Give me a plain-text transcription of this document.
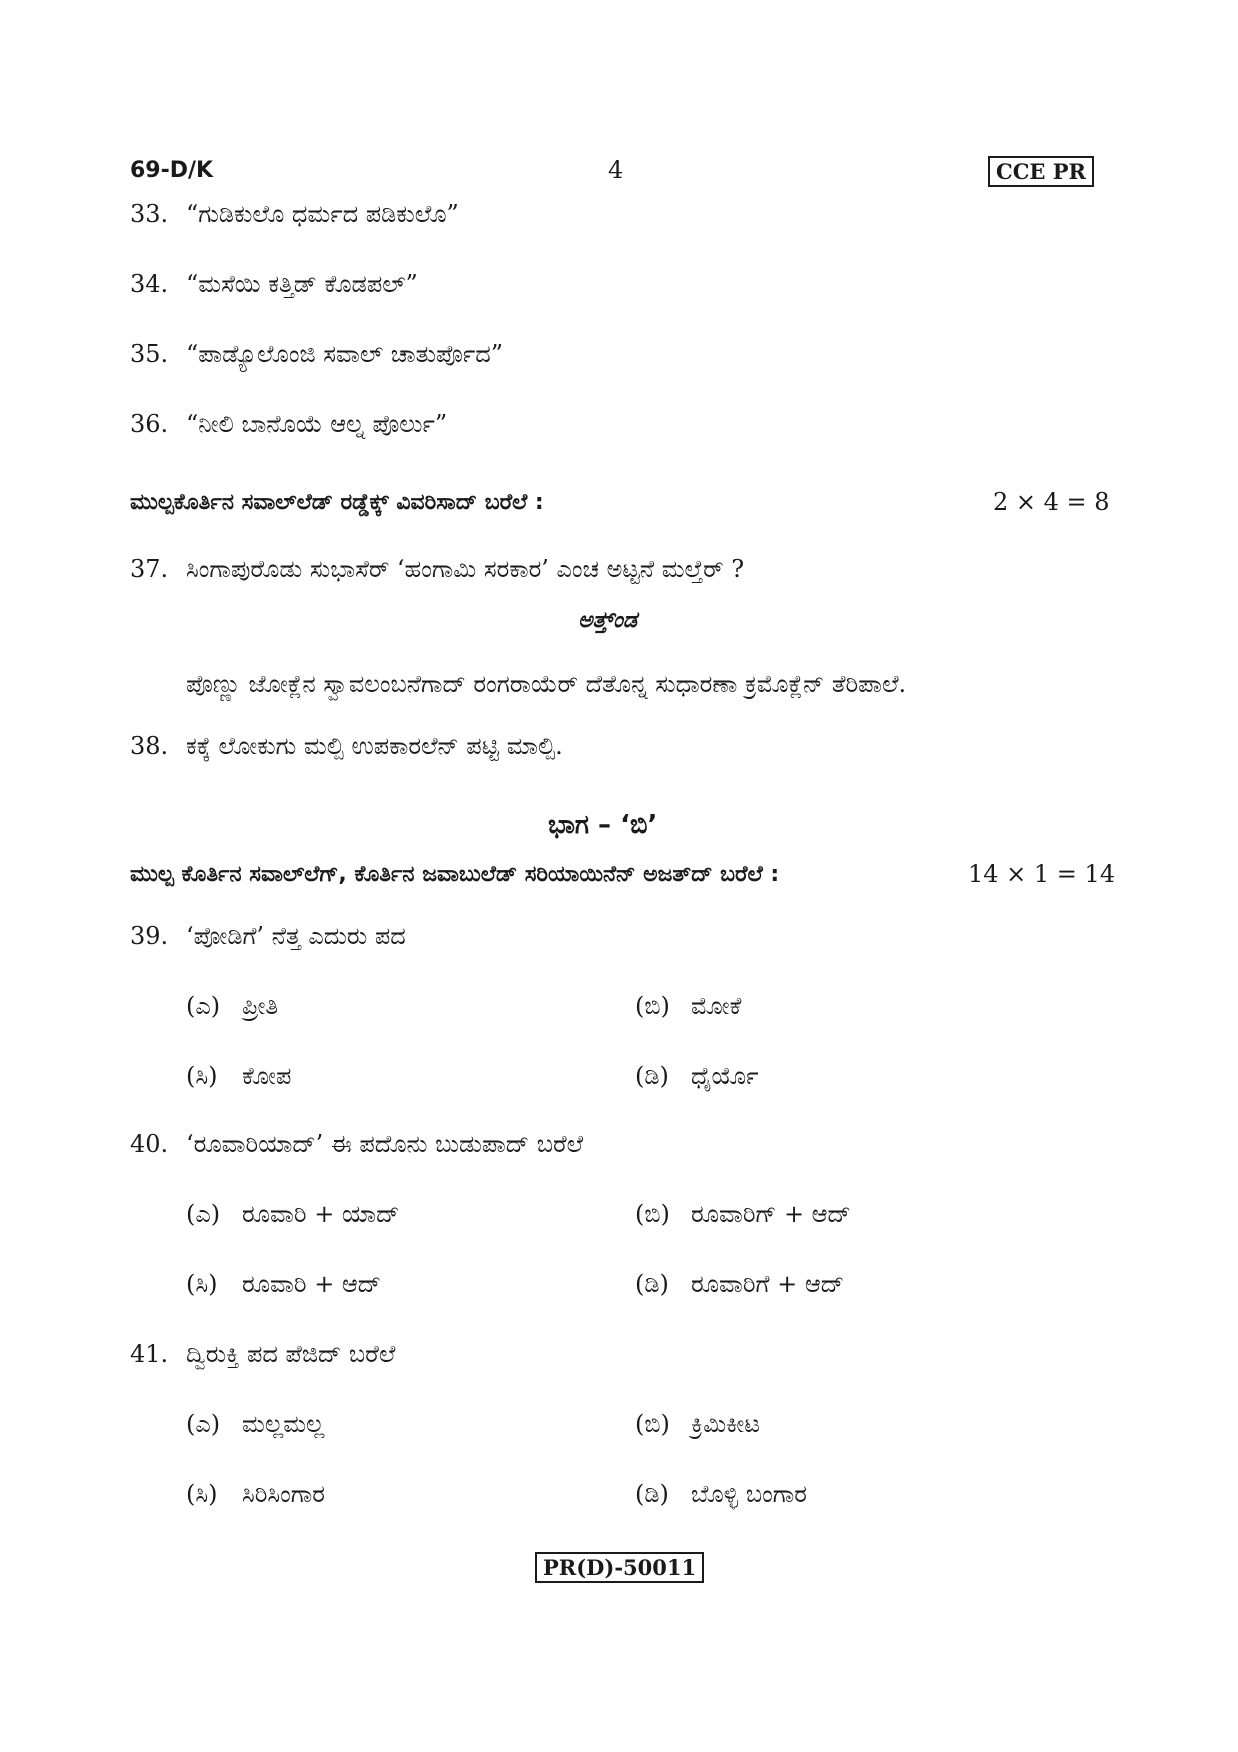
69-D/K	4	CCE PR
33. “ಗುಡಿಕುಲೊ ಧರ್ಮದ ಪಡಿಕುಲೊ”
34. “ಮಸೆಯಿ ಕತ್ತಿಡ್ ಕೊಡಪಲ್”
35. “ಪಾಡ್ಯೊಲೊಂಜಿ ಸವಾಲ್ ಚಾತುರ್ಪೊದ”
36. “ನೀಲಿ ಬಾನೊಯೆ ಆಲ್ನ ಪೊರ್ಲು”
ಮುಲ್ಪಕೊರ್ತಿನ ಸವಾಲ್‌ಲೆಡ್ ರಡ್ಡೆಕ್ಕ್ ವಿವರಿಸಾದ್ ಬರೆಲೆ :	2 × 4 = 8
37. ಸಿಂಗಾಪುರೊಡು ಸುಭಾಸೆರ್ ‘ಹಂಗಾಮಿ ಸರಕಾರ’ ಎಂಚ ಅಟ್ಟನೆ ಮಲ್ತೆರ್ ?
ಅತ್ತ್‌ಂಡ
ಪೊಣ್ಣು ಜೋಕ್ಲೆನ ಸ್ವಾವಲಂಬನೆಗಾದ್ ರಂಗರಾಯೆರ್ ದೆತೊನ್ನ ಸುಧಾರಣಾ ಕ್ರಮೊಕ್ಲೆನ್ ತೆರಿಪಾಲೆ.
38. ಕಕ್ಕೆ ಲೋಕುಗು ಮಲ್ಪಿ ಉಪಕಾರಲೆನ್ ಪಟ್ಟಿ ಮಾಲ್ಪಿ.
ಭಾಗ – ‘ಬಿ’
ಮುಲ್ಪ ಕೊರ್ತಿನ ಸವಾಲ್‌ಲೆಗ್, ಕೊರ್ತಿನ ಜವಾಬುಲೆಡ್ ಸರಿಯಾಯಿನೆನ್ ಅಜತ್‌ದ್ ಬರೆಲೆ :	14 × 1 = 14
39. ‘ಪೋಡಿಗೆ’ ನೆತ್ತ ಎದುರು ಪದ
(ಎ) ಪ್ರೀತಿ	(ಬಿ) ಮೋಕೆ
(ಸಿ) ಕೋಪ	(ಡಿ) ಧೈರ್ಯೊ
40. ‘ರೂವಾರಿಯಾದ್’ ಈ ಪದೊನು ಬುಡುಪಾದ್ ಬರೆಲೆ
(ಎ) ರೂವಾರಿ + ಯಾದ್	(ಬಿ) ರೂವಾರಿಗ್ + ಆದ್
(ಸಿ) ರೂವಾರಿ + ಆದ್	(ಡಿ) ರೂವಾರಿಗೆ + ಆದ್
41. ದ್ವಿರುಕ್ತಿ ಪದ ಪೆಜಿದ್ ಬರೆಲೆ
(ಎ) ಮಲ್ಲಮಲ್ಲ	(ಬಿ) ಕ್ರಿಮಿಕೀಟ
(ಸಿ) ಸಿರಿಸಿಂಗಾರ	(ಡಿ) ಬೊಳ್ಳಿ ಬಂಗಾರ
PR(D)-50011
